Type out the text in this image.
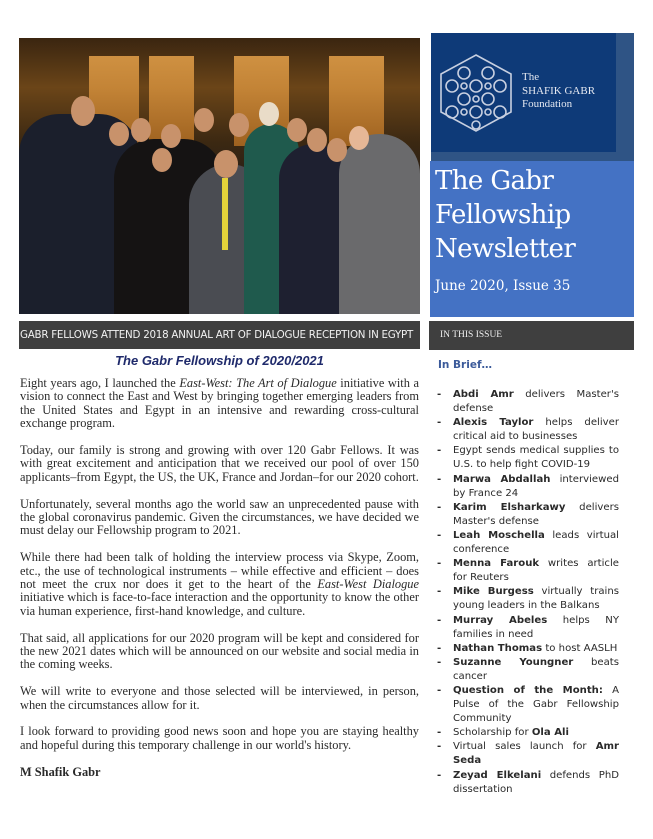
GABR FELLOWS ATTEND 2018 ANNUAL ART OF DIALOGUE RECEPTION IN EGYPT
The Gabr Fellowship of 2020/2021

Eight years ago, I launched the East-West: The Art of Dialogue initiative with a vision to connect the East and West by bringing together emerging leaders from the United States and Egypt in an intensive and rewarding cross-cultural exchange program.

Today, our family is strong and growing with over 120 Gabr Fellows. It was with great excitement and anticipation that we received our pool of over 150 applicants–from Egypt, the US, the UK, France and Jordan–for our 2020 cohort.

Unfortunately, several months ago the world saw an unprecedented pause with the global coronavirus pandemic. Given the circumstances, we have decided we must delay our Fellowship program to 2021.

While there had been talk of holding the interview process via Skype, Zoom, etc., the use of technological instruments – while effective and efficient – does not meet the crux nor does it get to the heart of the East-West Dialogue initiative which is face-to-face interaction and the opportunity to know the other via human experience, first-hand knowledge, and culture.

That said, all applications for our 2020 program will be kept and considered for the new 2021 dates which will be announced on our website and social media in the coming weeks.

We will write to everyone and those selected will be interviewed, in person, when the circumstances allow for it.

I look forward to providing good news soon and hope you are staying healthy and hopeful during this temporary challenge in our world's history.

M Shafik Gabr
The
SHAFIK GABR
Foundation
The Gabr
Fellowship
Newsletter
June 2020, Issue 35
IN THIS ISSUE
In Brief…
- Abdi Amr delivers Master's defense
- Alexis Taylor helps deliver critical aid to businesses
- Egypt sends medical supplies to U.S. to help fight COVID-19
- Marwa Abdallah interviewed by France 24
- Karim Elsharkawy delivers Master's defense
- Leah Moschella leads virtual conference
- Menna Farouk writes article for Reuters
- Mike Burgess virtually trains young leaders in the Balkans
- Murray Abeles helps NY families in need
- Nathan Thomas to host AASLH
- Suzanne Youngner beats cancer
- Question of the Month: A Pulse of the Gabr Fellowship Community
- Scholarship for Ola Ali
- Virtual sales launch for Amr Seda
- Zeyad Elkelani defends PhD dissertation
